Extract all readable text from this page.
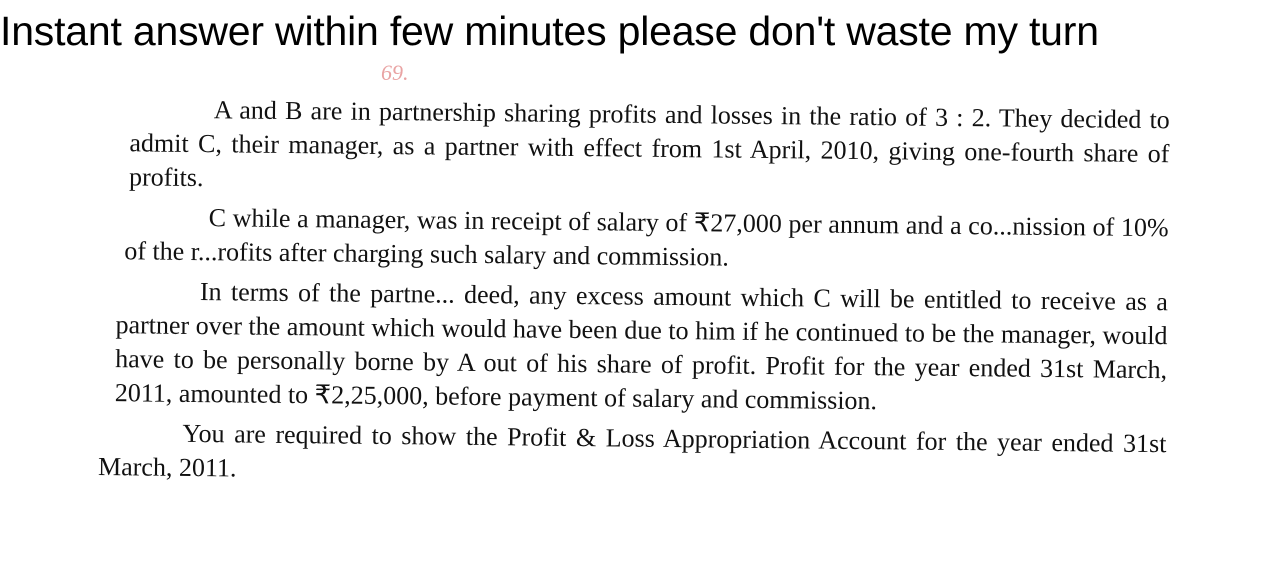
Instant answer within few minutes please don't waste my turn
69.

A and B are in partnership sharing profits and losses in the ratio of 3 : 2. They decided to admit C, their manager, as a partner with effect from 1st April, 2010, giving one-fourth share of profits.

C while a manager, was in receipt of salary of ₹27,000 per annum and a co...nission of 10% of the r...rofits after charging such salary and commission.

In terms of the partne... deed, any excess amount which C will be entitled to receive as a partner over the amount which would have been due to him if he continued to be the manager, would have to be personally borne by A out of his share of profit. Profit for the year ended 31st March, 2011, amounted to ₹2,25,000, before payment of salary and commission.

You are required to show the Profit & Loss Appropriation Account for the year ended 31st March, 2011.
